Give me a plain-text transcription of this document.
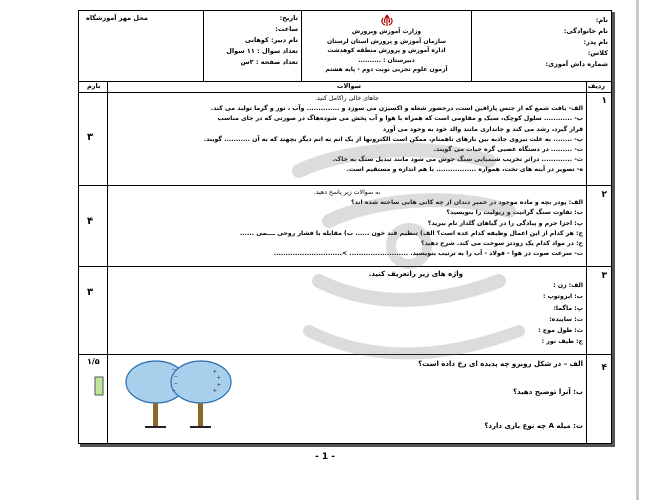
نام:
نام خانوادگی:
نام پدر:
کلاس:
شماره داش آموزی:
وزارت آموزش وپرورش
سازمان آموزش و پرورش استان لرستان
اداره آموزش و پرورش منطقه کوهدشت
دبیرستان : ..........
آزمون علوم تجربی نوبت دوم - پایه هشتم
تاریخ:
ساعت:
نام دبیر: کوهانی
تعداد سوال : ۱۱ سوال
تعداد صفحه : ۲س
محل مهر آموزشگاه
ردیف
سوالات
بارم
۱
۳
جاهای خالی راکامل کنید.
الف- یافت شمع که از جنس پارافین است، درحضور شعله و اکسیژن می سوزد و .............. وآب ، نور و گرما تولید می کند.
ب- ............ سلول کوچک، سبک و مقاومی است که همراه با هوا و آب پخش می شوده‌هاگ در صورتی که در جای مناسب
قرار گیرد، رشد می کند و جانداری مانند والد خود به وجود می آورد
پ- ........ به علت نیروی جاذبه بین بارهای ناهمنام، ممکن است الکترونها از یک اتم به اتم دیگر بچهند که به آن ........... گویند.
ت- ......... در دستگاه عصبی گره حیات می گویند.
ث- ............. دراثر تخریب شیمیایی سنگ جوش می شود مانند تبدیل سنگ به خاک.
ه- تصویر در آینه های تخت، همواره ................. با هم اندازه و مستقیم است.
۲
۴
به سوالات زیر پاسخ دهید.
الف: پودر بچه و ماده موجود در خمیر دندان از چه کانی هایی ساخته شده اند؟
ب: تفاوت سنگ گرانیت و ریولیت را بنویسید؟
پ: اجزا جرم و پیادگی را در گیاهان گلدار نام ببرید؟
ج: هر کدام از این اعمال وظیفه کدام غده است؟ الف) تنظیم قند خون ...... ب) مقابله با فشار روحی ــــمی ......
ح: در مواد کدام یک زودتر سوخت می کند. شرح دهید؟
ت- سرعت صوت در هوا - فولاد - آب را به ترتیب بنویسید. ......................... >.............................
۳
۳
واژه های زیر راتعریف کنید.
الف: زن :
ب: ایزوتوپ :
پ: ماگما:
ت: ساییده:
ث: طول موج :
ج: طیف نور :
۴
۱/۵	الف – در شکل روبرو چه پدیده ای رخ داده است؟
ب: آنرا توضیح دهید؟
ت: میله A چه نوع باری دارد؟
+
+
+
+
−
−
−
−
- 1 -
